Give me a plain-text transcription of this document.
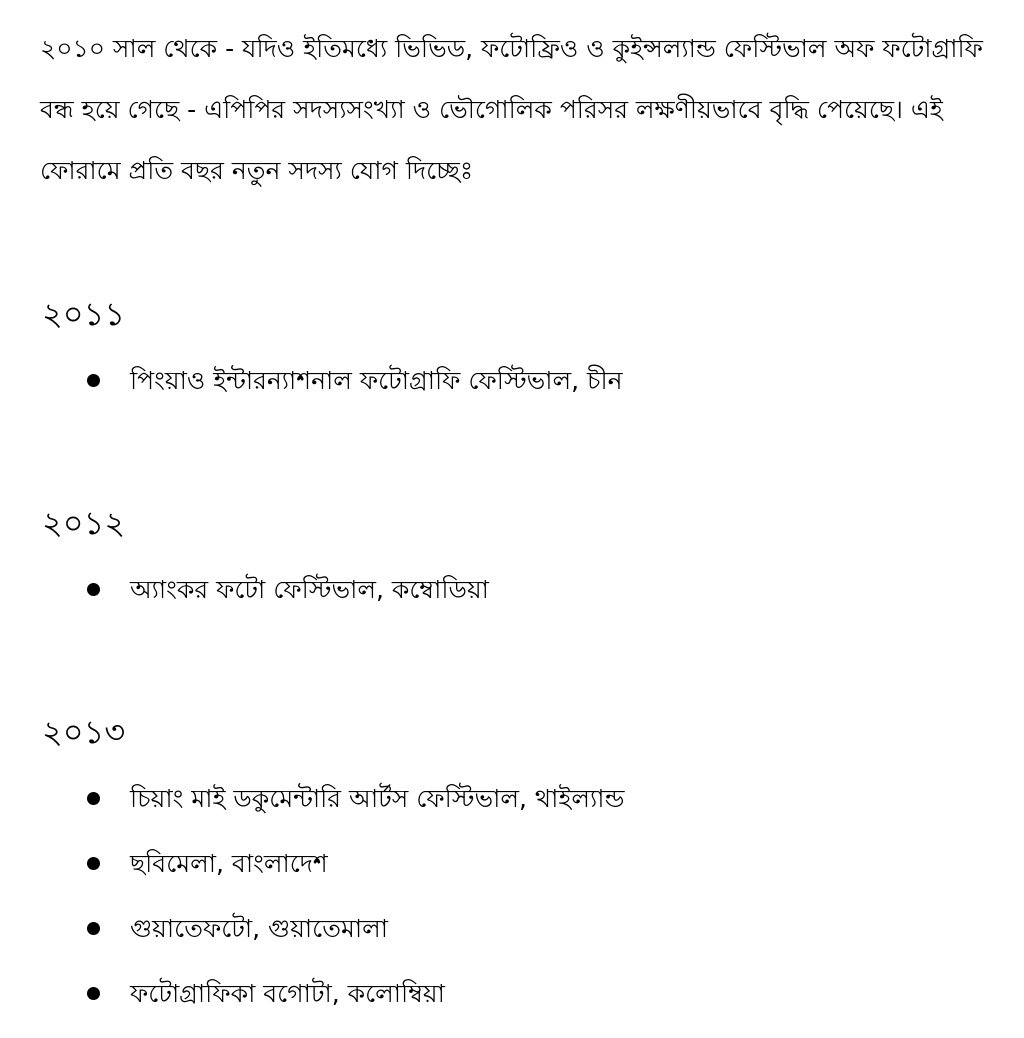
২০১০ সাল থেকে - যদিও ইতিমধ্যে ভিভিড, ফটোফ্রিও ও কুইন্সল্যান্ড ফেস্টিভাল অফ ফটোগ্রাফি বন্ধ হয়ে গেছে - এপিপির সদস্যসংখ্যা ও ভৌগোলিক পরিসর লক্ষণীয়ভাবে বৃদ্ধি পেয়েছে। এই ফোরামে প্রতি বছর নতুন সদস্য যোগ দিচ্ছেঃ

২০১১
পিংয়াও ইন্টারন্যাশনাল ফটোগ্রাফি ফেস্টিভাল, চীন
২০১২
অ্যাংকর ফটো ফেস্টিভাল, কম্বোডিয়া
২০১৩
চিয়াং মাই ডকুমেন্টারি আর্টস ফেস্টিভাল, থাইল্যান্ড
ছবিমেলা, বাংলাদেশ
গুয়াতেফটো, গুয়াতেমালা
ফটোগ্রাফিকা বগোটা, কলোম্বিয়া
